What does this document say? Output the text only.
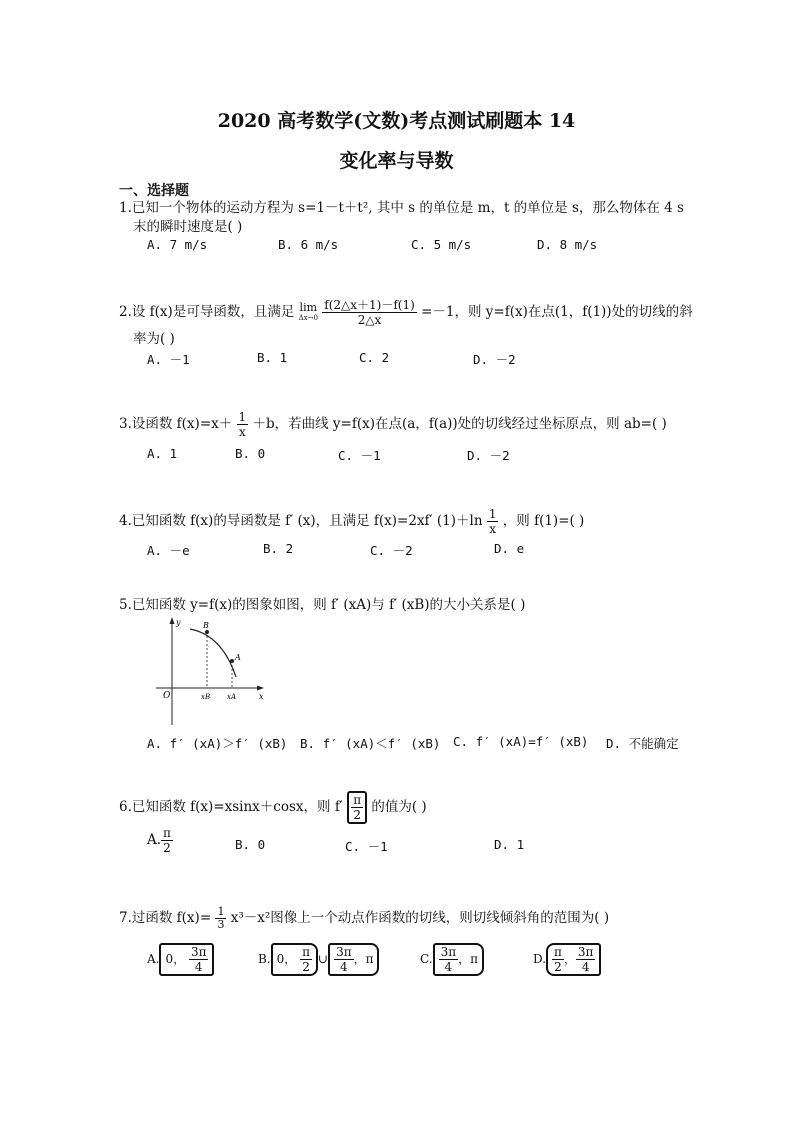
2020 高考数学(文数)考点测试刷题本 14
变化率与导数
一、选择题
1.已知一个物体的运动方程为 s=1－t＋t², 其中 s 的单位是 m，t 的单位是 s，那么物体在 4 s
末的瞬时速度是( )
A. 7 m/s	B. 6 m/s	C. 5 m/s	D. 8 m/s
2.设 f(x)是可导函数，且满足 lim
Δx→0
$\frac{f(2\triangle x+1)-f(1)}{2\triangle x} =-1$，则 y=f(x)在点(1，f(1))处的切线的斜
率为( )
A. －1	B. 1	C. 2	D. －2
3.设函数 $f(x)=x+ \frac{1}{x} +b$，若曲线 y=f(x)在点(a，f(a))处的切线经过坐标原点，则 ab=( )
A. 1	B. 0	C. －1	D. －2
4.已知函数 f(x)的导函数是 f′ (x)，且满足 f(x)=2xf′ $(1)+\ln \frac{1}{x}$ ，则 f(1)=( )
A. －e	B. 2	C. －2	D. e
5.已知函数 y=f(x)的图象如图，则 f′ (xA)与 f′ (xB)的大小关系是( )
y
x
O
B
A
xB xA
A. f′ (xA)＞f′ (xB) B. f′ (xA)＜f′ (xB) C. f′ (xA)=f′ (xB) D. 不能确定
6.已知函数 f(x)=xsinx＋cosx，则 $f' \frac{\pi}{2}$ 的值为( )
A. $\frac{\pi}{2}$	B. 0	C. －1	D. 1
7.过函数 $f(x)= \frac{1}{3} x^3-x^2$图像上一个动点作函数的切线，则切线倾斜角的范围为( )
A. 0， $\frac{3\pi}{4}$	B. 0， $\frac{\pi}{2}$ ∪ $\frac{3\pi}{4}$ ，π	C. $\frac{3\pi}{4}$ ，π	D. $\frac{\pi}{2}$ ， $\frac{3\pi}{4}$
